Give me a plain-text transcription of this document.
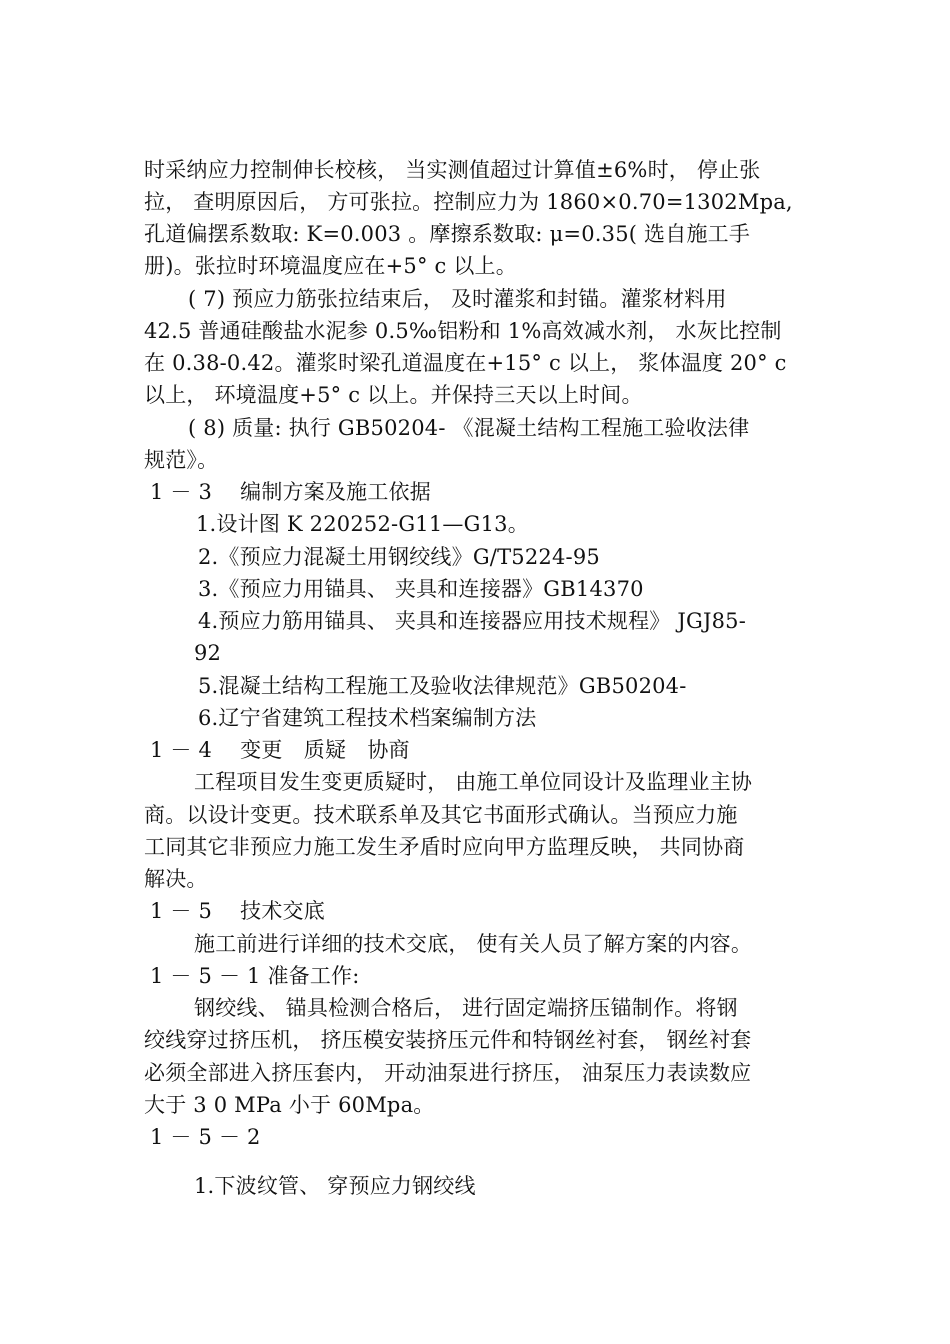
时采纳应力控制伸长校核， 当实测值超过计算值±6%时， 停止张
拉， 查明原因后， 方可张拉。控制应力为 1860×0.70=1302Mpa,
孔道偏摆系数取: K=0.003 。摩擦系数取: μ=0.35( 选自施工手
册)。张拉时环境温度应在+5° c 以上。
( 7) 预应力筋张拉结束后， 及时灌浆和封锚。灌浆材料用
42.5 普通硅酸盐水泥参 0.5‰铝粉和 1%高效减水剂， 水灰比控制
在 0.38-0.42。灌浆时梁孔道温度在+15° c 以上， 浆体温度 20° c
以上， 环境温度+5° c 以上。并保持三天以上时间。
( 8) 质量: 执行 GB50204- 《混凝土结构工程施工验收法律
规范》。
1 － 3　 编制方案及施工依据
1.设计图 K 220252-G11—G13。
2.《预应力混凝土用钢绞线》G/T5224-95
3.《预应力用锚具、 夹具和连接器》GB14370
4.预应力筋用锚具、 夹具和连接器应用技术规程》 JGJ85-
92
5.混凝土结构工程施工及验收法律规范》GB50204-
6.辽宁省建筑工程技术档案编制方法
1 － 4　 变更　质疑　协商
工程项目发生变更质疑时， 由施工单位同设计及监理业主协
商。以设计变更。技术联系单及其它书面形式确认。当预应力施
工同其它非预应力施工发生矛盾时应向甲方监理反映， 共同协商
解决。
1 － 5　 技术交底
施工前进行详细的技术交底， 使有关人员了解方案的内容。
1 － 5 － 1 准备工作:
钢绞线、 锚具检测合格后， 进行固定端挤压锚制作。将钢
绞线穿过挤压机， 挤压模安装挤压元件和特钢丝衬套， 钢丝衬套
必须全部进入挤压套内， 开动油泵进行挤压， 油泵压力表读数应
大于 3 0 MPa 小于 60Mpa。
1 － 5 － 2
1.下波纹管、 穿预应力钢绞线
